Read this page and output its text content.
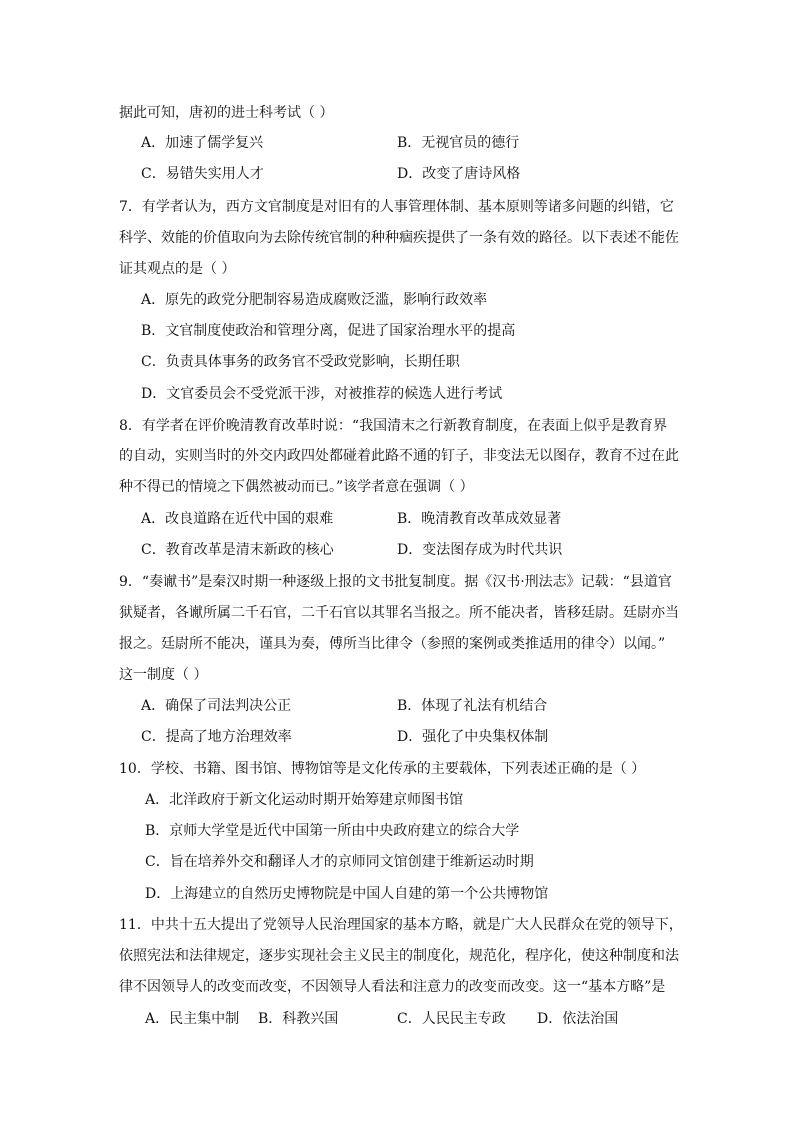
据此可知，唐初的进士科考试（ ）
A．加速了儒学复兴	B．无视官员的德行
C．易错失实用人才	D．改变了唐诗风格
7．有学者认为，西方文官制度是对旧有的人事管理体制、基本原则等诸多问题的纠错，它
科学、效能的价值取向为去除传统官制的种种痼疾提供了一条有效的路径。以下表述不能佐
证其观点的是（ ）
A．原先的政党分肥制容易造成腐败泛滥，影响行政效率
B．文官制度使政治和管理分离，促进了国家治理水平的提高
C．负责具体事务的政务官不受政党影响，长期任职
D．文官委员会不受党派干涉，对被推荐的候选人进行考试
8．有学者在评价晚清教育改革时说：“我国清末之行新教育制度，在表面上似乎是教育界
的自动，实则当时的外交内政四处都碰着此路不通的钉子，非变法无以图存，教育不过在此
种不得已的情境之下偶然被动而已。”该学者意在强调（ ）
A．改良道路在近代中国的艰难	B．晚清教育改革成效显著
C．教育改革是清末新政的核心	D．变法图存成为时代共识
9．“奏谳书”是秦汉时期一种逐级上报的文书批复制度。据《汉书·刑法志》记载：“县道官
狱疑者，各谳所属二千石官，二千石官以其罪名当报之。所不能决者，皆移廷尉。廷尉亦当
报之。廷尉所不能决，谨具为奏，傅所当比律令（参照的案例或类推适用的律令）以闻。”
这一制度（ ）
A．确保了司法判决公正	B．体现了礼法有机结合
C．提高了地方治理效率	D．强化了中央集权体制
10．学校、书籍、图书馆、博物馆等是文化传承的主要载体，下列表述正确的是（ ）
A．北洋政府于新文化运动时期开始筹建京师图书馆
B．京师大学堂是近代中国第一所由中央政府建立的综合大学
C．旨在培养外交和翻译人才的京师同文馆创建于维新运动时期
D．上海建立的自然历史博物院是中国人自建的第一个公共博物馆
11．中共十五大提出了党领导人民治理国家的基本方略，就是广大人民群众在党的领导下，
依照宪法和法律规定，逐步实现社会主义民主的制度化，规范化，程序化，使这种制度和法
律不因领导人的改变而改变，不因领导人看法和注意力的改变而改变。这一“基本方略”是
A．民主集中制 B．科教兴国	C．人民民主专政 D．依法治国
